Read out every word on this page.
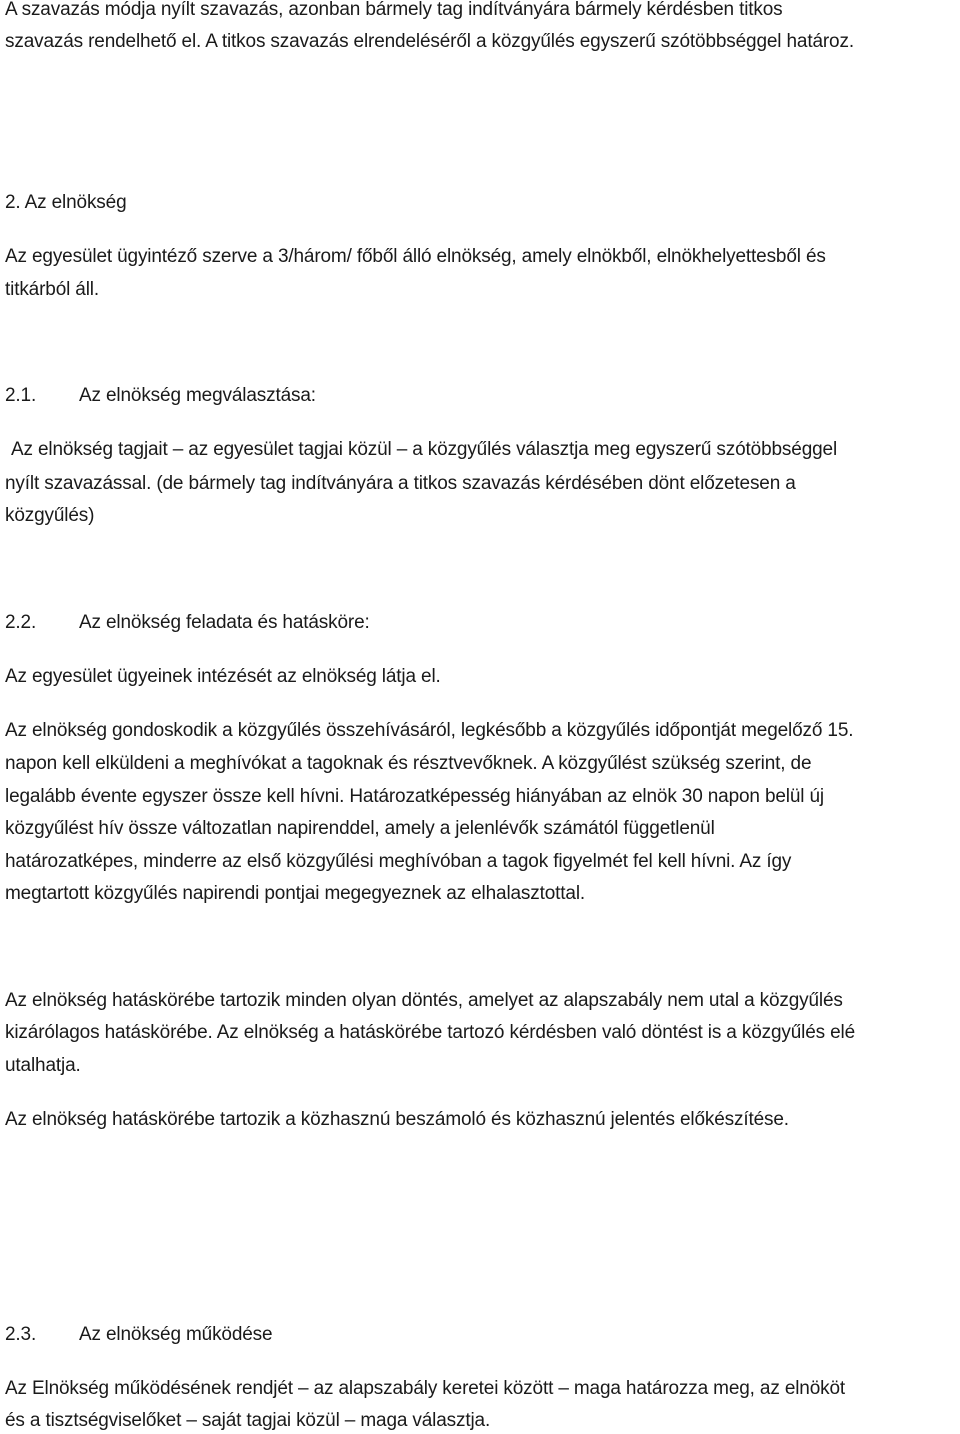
A szavazás módja nyílt szavazás, azonban bármely tag indítványára bármely kérdésben titkos

szavazás rendelhető el. A titkos szavazás elrendeléséről a közgyűlés egyszerű szótöbbséggel határoz.

2. Az elnökség

Az egyesület ügyintéző szerve a 3/három/ főből álló elnökség, amely elnökből, elnökhelyettesből és

titkárból áll.

2.1. Az elnökség megválasztása:

Az elnökség tagjait – az egyesület tagjai közül – a közgyűlés választja meg egyszerű szótöbbséggel

nyílt szavazással. (de bármely tag indítványára a titkos szavazás kérdésében dönt előzetesen a

közgyűlés)

2.2. Az elnökség feladata és hatásköre:

Az egyesület ügyeinek intézését az elnökség látja el.

Az elnökség gondoskodik a közgyűlés összehívásáról, legkésőbb a közgyűlés időpontját megelőző 15.

napon kell elküldeni a meghívókat a tagoknak és résztvevőknek. A közgyűlést szükség szerint, de

legalább évente egyszer össze kell hívni. Határozatképesség hiányában az elnök 30 napon belül új

közgyűlést hív össze változatlan napirenddel, amely a jelenlévők számától függetlenül

határozatképes, minderre az első közgyűlési meghívóban a tagok figyelmét fel kell hívni. Az így

megtartott közgyűlés napirendi pontjai megegyeznek az elhalasztottal.

Az elnökség hatáskörébe tartozik minden olyan döntés, amelyet az alapszabály nem utal a közgyűlés

kizárólagos hatáskörébe. Az elnökség a hatáskörébe tartozó kérdésben való döntést is a közgyűlés elé

utalhatja.

Az elnökség hatáskörébe tartozik a közhasznú beszámoló és közhasznú jelentés előkészítése.

2.3. Az elnökség működése

Az Elnökség működésének rendjét – az alapszabály keretei között – maga határozza meg, az elnököt

és a tisztségviselőket – saját tagjai közül – maga választja.
